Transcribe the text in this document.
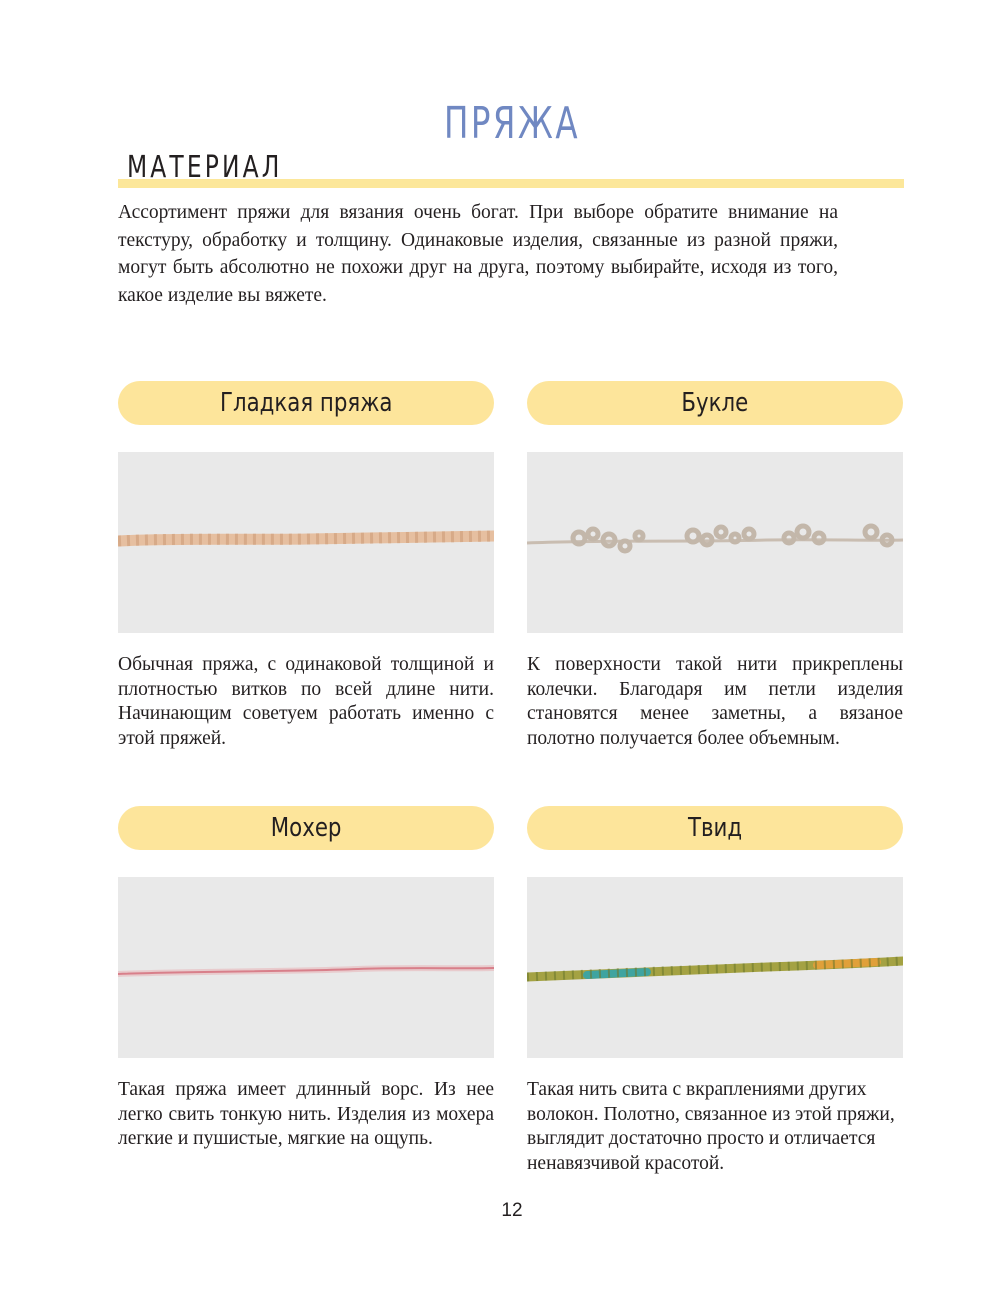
ПРЯЖА
МАТЕРИАЛ
Ассортимент пряжи для вязания очень богат. При выборе обратите внимание на текстуру, обработку и толщину. Одинаковые изделия, связанные из разной пряжи, могут быть абсолютно не похожи друг на друга, поэтому выбирайте, исходя из того, какое изделие вы вяжете.
Гладкая пряжа
Обычная пряжа, с одинаковой толщиной и плотностью витков по всей длине нити. Начинающим советуем работать именно с этой пряжей.
Букле
К поверхности такой нити прикреплены колечки. Благодаря им петли изделия становятся менее заметны, а вязаное полотно получается более объемным.
Мохер
Такая пряжа имеет длинный ворс. Из нее легко свить тонкую нить. Изделия из мохера легкие и пушистые, мягкие на ощупь.
Твид
Такая нить свита с вкраплениями других волокон. Полотно, связанное из этой пряжи, выглядит достаточно просто и отличается ненавязчивой красотой.
12
